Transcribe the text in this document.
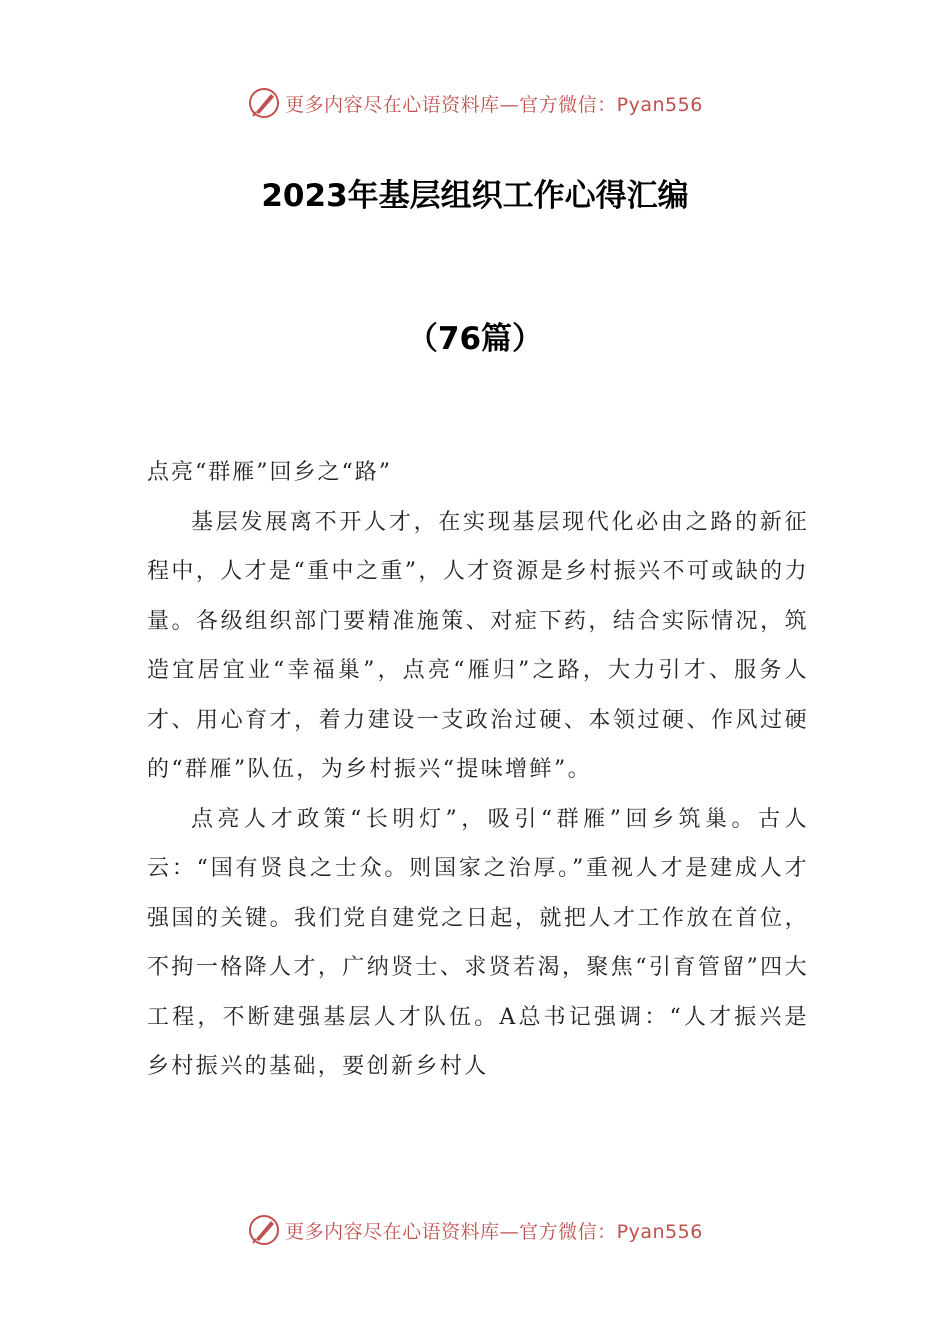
更多内容尽在心语资料库—官方微信：Pyan556
2023年基层组织工作心得汇编
（76篇）

点亮“群雁”回乡之“路”

基层发展离不开人才，在实现基层现代化必由之路的新征程中，人才是“重中之重”，人才资源是乡村振兴不可或缺的力量。各级组织部门要精准施策、对症下药，结合实际情况，筑造宜居宜业“幸福巢”，点亮“雁归”之路，大力引才、服务人才、用心育才，着力建设一支政治过硬、本领过硬、作风过硬的“群雁”队伍，为乡村振兴“提味增鲜”。

点亮人才政策“长明灯”，吸引“群雁”回乡筑巢。古人云：“国有贤良之士众。则国家之治厚。”重视人才是建成人才强国的关键。我们党自建党之日起，就把人才工作放在首位，不拘一格降人才，广纳贤士、求贤若渴，聚焦“引育管留”四大工程，不断建强基层人才队伍。A总书记强调：“人才振兴是乡村振兴的基础，要创新乡村人

更多内容尽在心语资料库—官方微信：Pyan556
